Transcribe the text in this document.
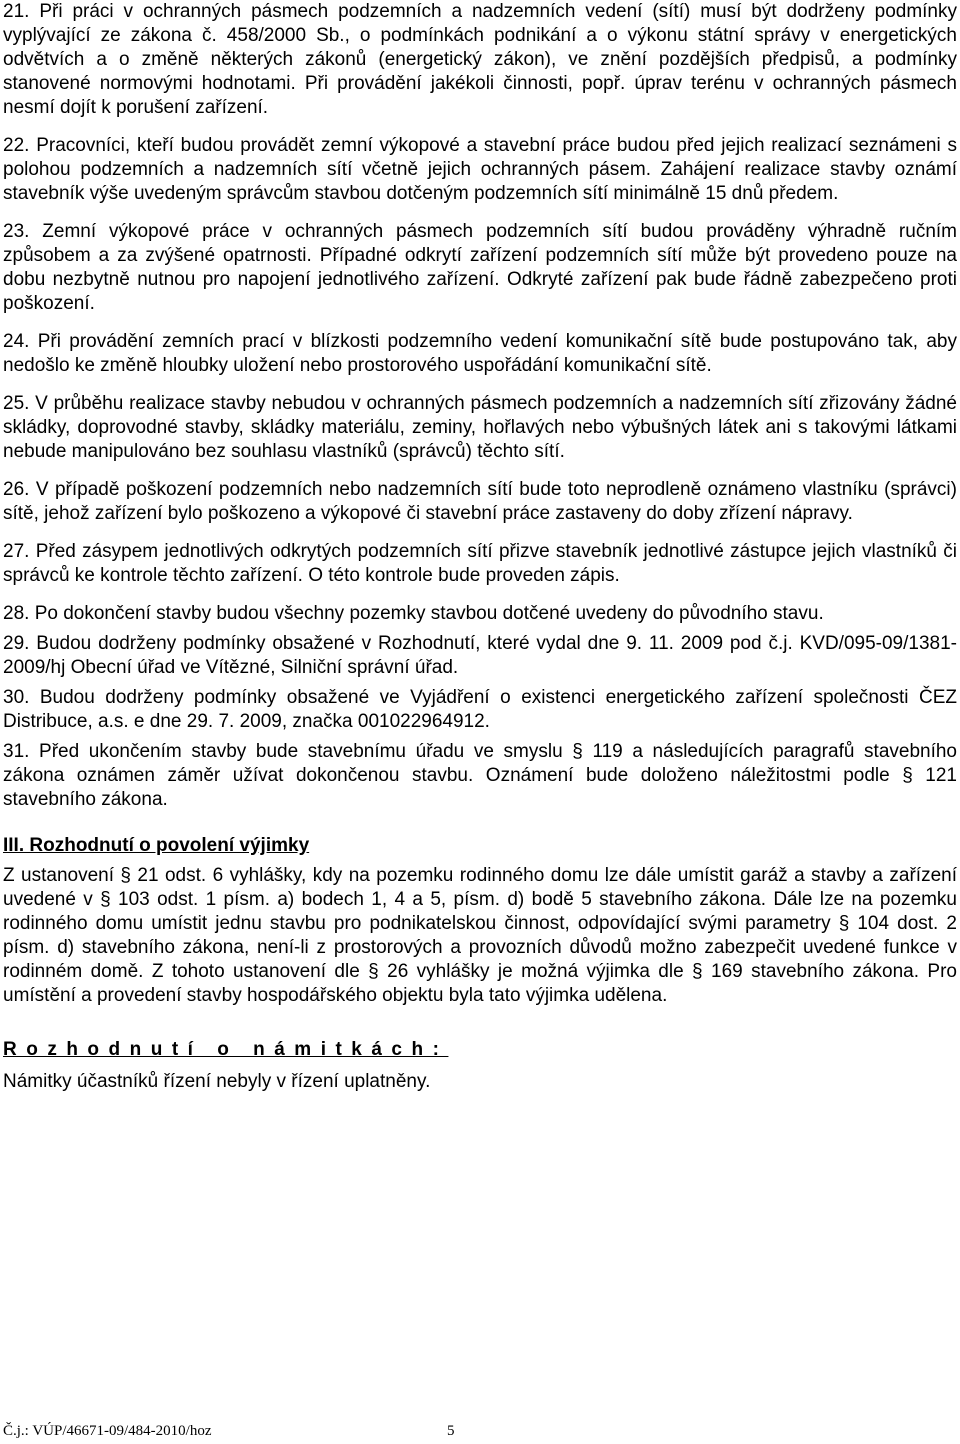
21. Při práci v ochranných pásmech podzemních a nadzemních vedení (sítí) musí být dodrženy podmínky vyplývající ze zákona č. 458/2000 Sb., o podmínkách podnikání a o výkonu státní správy v energetických odvětvích a o změně některých zákonů (energetický zákon), ve znění pozdějších předpisů, a podmínky stanovené normovými hodnotami. Při provádění jakékoli činnosti, popř. úprav terénu v ochranných pásmech nesmí dojít k porušení zařízení.

22. Pracovníci, kteří budou provádět zemní výkopové a stavební práce budou před jejich realizací seznámeni s polohou podzemních a nadzemních sítí včetně jejich ochranných pásem. Zahájení realizace stavby oznámí stavebník výše uvedeným správcům stavbou dotčeným podzemních sítí minimálně 15 dnů předem.

23. Zemní výkopové práce v ochranných pásmech podzemních sítí budou prováděny výhradně ručním způsobem a za zvýšené opatrnosti. Případné odkrytí zařízení podzemních sítí může být provedeno pouze na dobu nezbytně nutnou pro napojení jednotlivého zařízení. Odkryté zařízení pak bude řádně zabezpečeno proti poškození.

24. Při provádění zemních prací v blízkosti podzemního vedení komunikační sítě bude postupováno tak, aby nedošlo ke změně hloubky uložení nebo prostorového uspořádání komunikační sítě.

25. V průběhu realizace stavby nebudou v ochranných pásmech podzemních a nadzemních sítí zřizovány žádné skládky, doprovodné stavby, skládky materiálu, zeminy, hořlavých nebo výbušných látek ani s takovými látkami nebude manipulováno bez souhlasu vlastníků (správců) těchto sítí.

26. V případě poškození podzemních nebo nadzemních sítí bude toto neprodleně oznámeno vlastníku (správci) sítě, jehož zařízení bylo poškozeno a výkopové či stavební práce zastaveny do doby zřízení nápravy.

27. Před zásypem jednotlivých odkrytých podzemních sítí přizve stavebník jednotlivé zástupce jejich vlastníků či správců ke kontrole těchto zařízení. O této kontrole bude proveden zápis.

28. Po dokončení stavby budou všechny pozemky stavbou dotčené uvedeny do původního stavu.

29. Budou dodrženy podmínky obsažené v Rozhodnutí, které vydal dne 9. 11. 2009 pod č.j. KVD/095-09/1381-2009/hj Obecní úřad ve Vítězné, Silniční správní úřad.

30. Budou dodrženy podmínky obsažené ve Vyjádření o existenci energetického zařízení společnosti ČEZ Distribuce, a.s. e dne 29. 7. 2009, značka 001022964912.

31. Před ukončením stavby bude stavebnímu úřadu ve smyslu § 119 a následujících paragrafů stavebního zákona oznámen záměr užívat dokončenou stavbu. Oznámení bude doloženo náležitostmi podle § 121 stavebního zákona.

III. Rozhodnutí o povolení výjimky

Z ustanovení § 21 odst. 6 vyhlášky, kdy na pozemku rodinného domu lze dále umístit garáž a stavby a zařízení uvedené v § 103 odst. 1 písm. a) bodech 1, 4 a 5, písm. d) bodě 5 stavebního zákona. Dále lze na pozemku rodinného domu umístit jednu stavbu pro podnikatelskou činnost, odpovídající svými parametry § 104 dost. 2 písm. d) stavebního zákona, není-li z prostorových a provozních důvodů možno zabezpečit uvedené funkce v rodinném domě. Z tohoto ustanovení dle § 26 vyhlášky je možná výjimka dle § 169 stavebního zákona. Pro umístění a provedení stavby hospodářského objektu byla tato výjimka udělena.

Rozhodnutí o námitkách:

Námitky účastníků řízení nebyly v řízení uplatněny.

Č.j.: VÚP/46671-09/484-2010/hoz	5
